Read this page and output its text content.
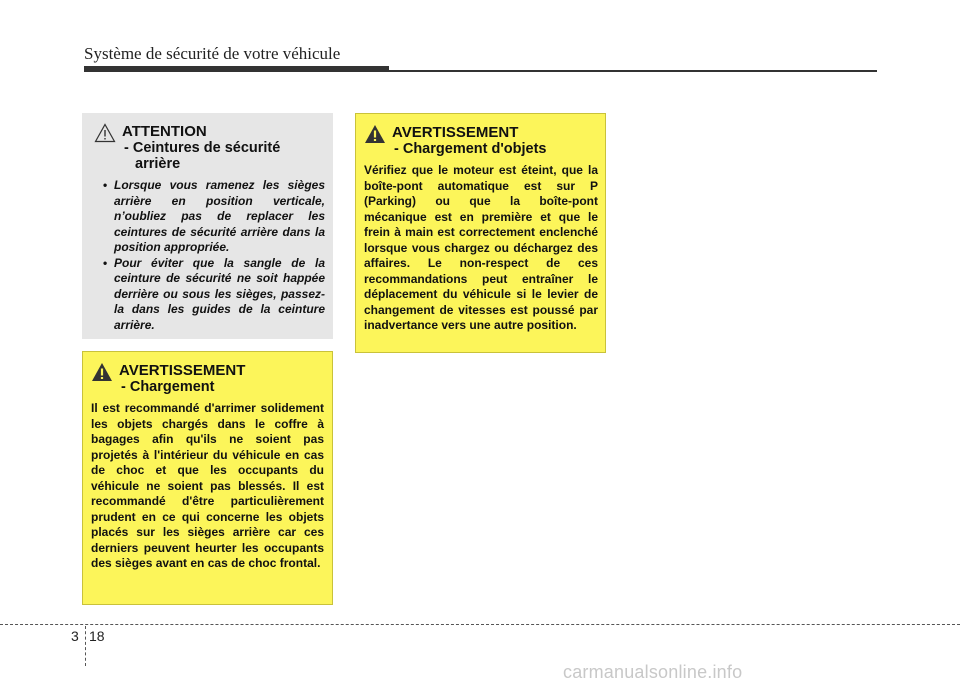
Système de sécurité de votre véhicule
ATTENTION
- Ceintures de sécurité
arrière
• Lorsque vous ramenez les sièges arrière en position verticale, n’oubliez pas de replacer les ceintures de sécurité arrière dans la position appropriée.
• Pour éviter que la sangle de la ceinture de sécurité ne soit happée derrière ou sous les sièges, passez-la dans les guides de la ceinture arrière.
AVERTISSEMENT
- Chargement
Il est recommandé d'arrimer solidement les objets chargés dans le coffre à bagages afin qu'ils ne soient pas projetés à l'intérieur du véhicule en cas de choc et que les occupants du véhicule ne soient pas blessés. Il est recommandé d'être particulièrement prudent en ce qui concerne les objets placés sur les sièges arrière car ces derniers peuvent heurter les occupants des sièges avant en cas de choc frontal.
AVERTISSEMENT
- Chargement d'objets
Vérifiez que le moteur est éteint, que la boîte-pont automatique est sur P (Parking) ou que la boîte-pont mécanique est en première et que le frein à main est correctement enclenché lorsque vous chargez ou déchargez des affaires. Le non-respect de ces recommandations peut entraîner le déplacement du véhicule si le levier de changement de vitesses est poussé par inadvertance vers une autre position.
3 18
carmanualsonline.info
